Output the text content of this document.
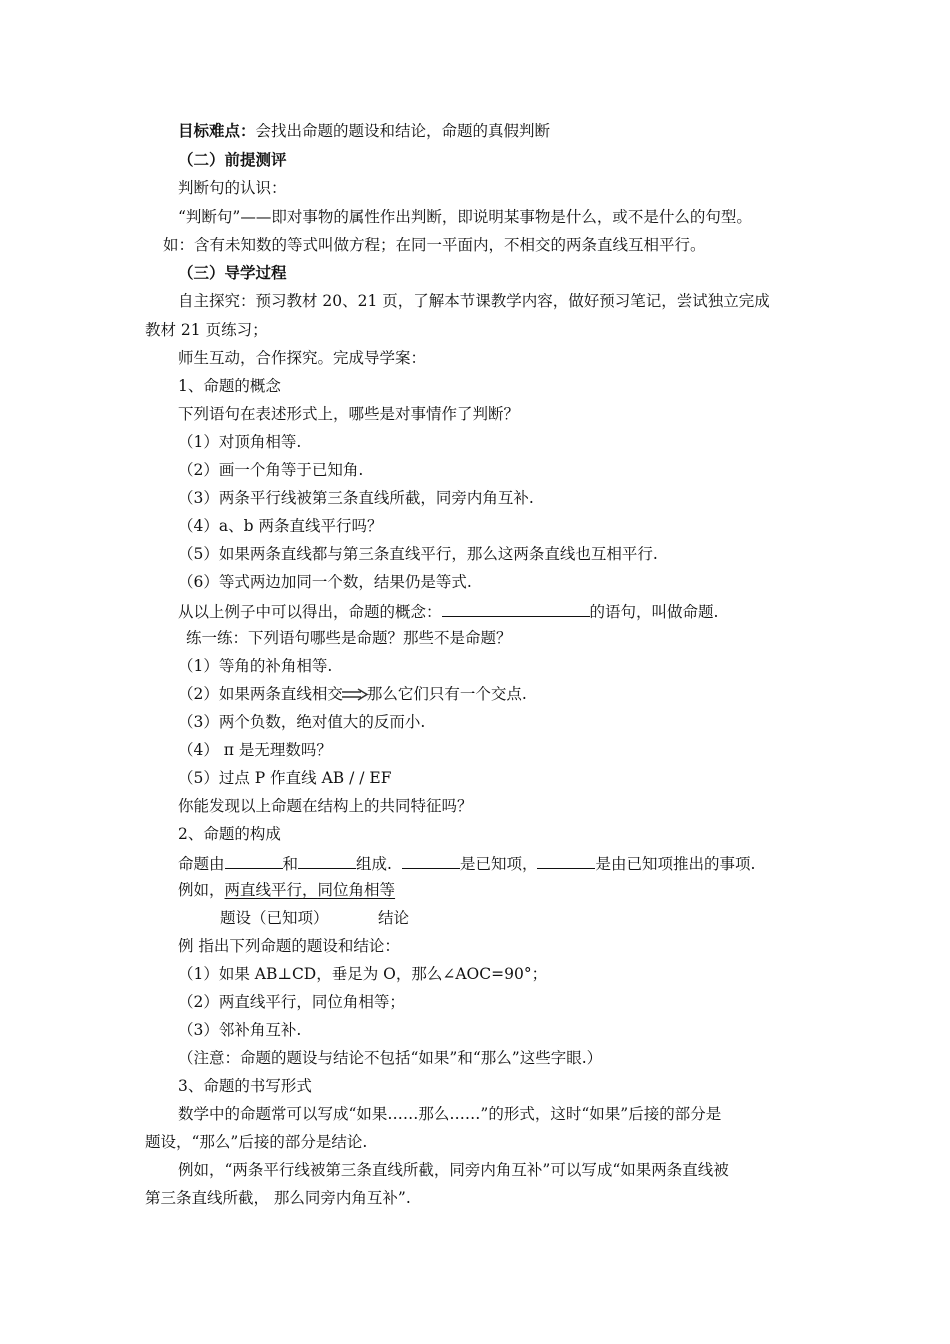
目标难点：会找出命题的题设和结论，命题的真假判断
（二）前提测评
判断句的认识：
“判断句”——即对事物的属性作出判断，即说明某事物是什么，或不是什么的句型。
如：含有未知数的等式叫做方程；在同一平面内，不相交的两条直线互相平行。
（三）导学过程
自主探究：预习教材 20、21 页，了解本节课教学内容，做好预习笔记，尝试独立完成
教材 21 页练习；
师生互动，合作探究。完成导学案：
1、命题的概念
下列语句在表述形式上，哪些是对事情作了判断？
（1）对顶角相等.
（2）画一个角等于已知角.
（3）两条平行线被第三条直线所截，同旁内角互补.
（4）a、b 两条直线平行吗？
（5）如果两条直线都与第三条直线平行，那么这两条直线也互相平行.
（6）等式两边加同一个数，结果仍是等式.
从以上例子中可以得出，命题的概念：	的语句，叫做命题.
练一练：下列语句哪些是命题？那些不是命题？
（1）等角的补角相等.
（2）如果两条直线相交 那么它们只有一个交点.
（3）两个负数，绝对值大的反而小.
（4） π 是无理数吗？
（5）过点 P 作直线 AB / / EF
你能发现以上命题在结构上的共同特征吗？
2、命题的构成
命题由	和	组成.	是已知项，	是由已知项推出的事项.
例如，两直线平行，同位角相等
题设（已知项）	结论
例 指出下列命题的题设和结论：
（1）如果 AB⊥CD，垂足为 O，那么∠AOC=90°；
（2）两直线平行，同位角相等；
（3）邻补角互补.
（注意：命题的题设与结论不包括“如果”和“那么”这些字眼.）
3、命题的书写形式
数学中的命题常可以写成“如果……那么……”的形式，这时“如果”后接的部分是
题设，“那么”后接的部分是结论.
例如，“两条平行线被第三条直线所截，同旁内角互补”可以写成“如果两条直线被
第三条直线所截， 那么同旁内角互补”.
